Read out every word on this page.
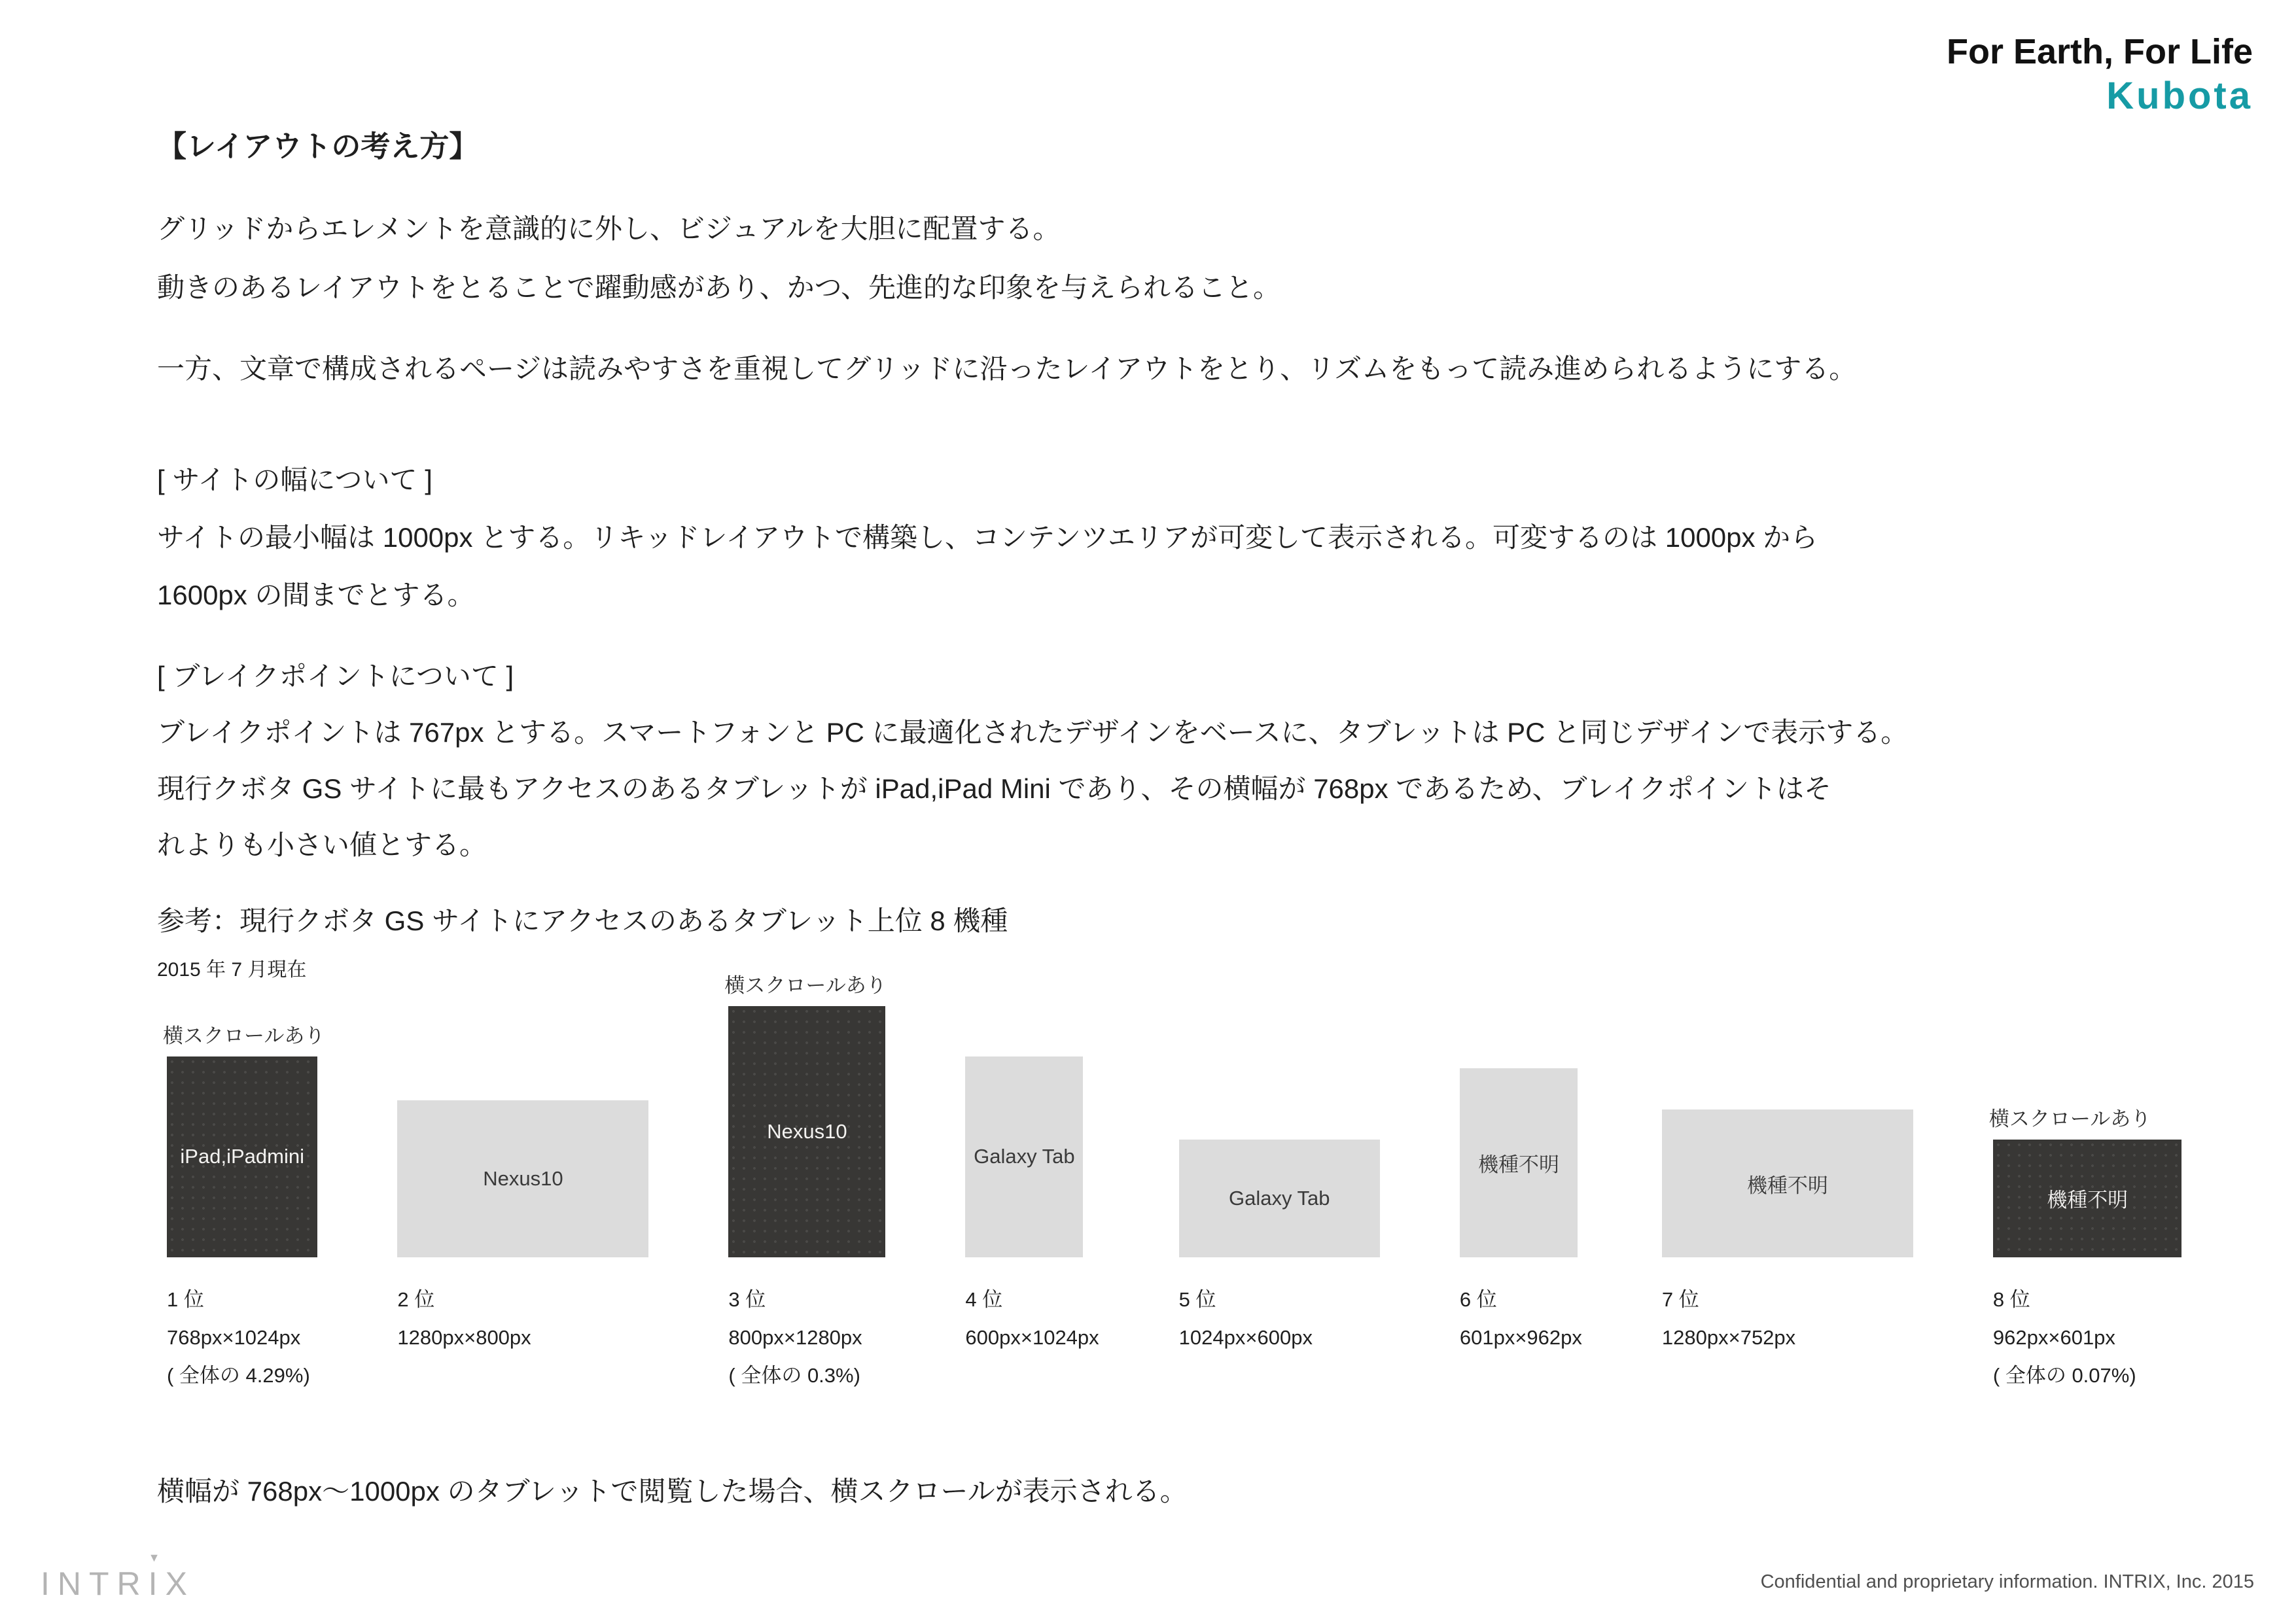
For Earth, For Life
Kubota
【レイアウトの考え方】

グリッドからエレメントを意識的に外し、ビジュアルを大胆に配置する。

動きのあるレイアウトをとることで躍動感があり、かつ、先進的な印象を与えられること。

一方、文章で構成されるページは読みやすさを重視してグリッドに沿ったレイアウトをとり、リズムをもって読み進められるようにする。

[ サイトの幅について ]

サイトの最小幅は 1000px とする。リキッドレイアウトで構築し、コンテンツエリアが可変して表示される。可変するのは 1000px から

1600px の間までとする。

[ ブレイクポイントについて ]

ブレイクポイントは 767px とする。スマートフォンと PC に最適化されたデザインをベースに、タブレットは PC と同じデザインで表示する。

現行クボタ GS サイトに最もアクセスのあるタブレットが iPad,iPad Mini であり、その横幅が 768px であるため、ブレイクポイントはそ

れよりも小さい値とする。

参考：現行クボタ GS サイトにアクセスのあるタブレット上位 8 機種

2015 年 7 月現在

横スクロールあり
iPad,iPadmini
1 位
768px×1024px
( 全体の 4.29%)
Nexus10
2 位
1280px×800px
横スクロールあり
Nexus10
3 位
800px×1280px
( 全体の 0.3%)
Galaxy Tab
4 位
600px×1024px
Galaxy Tab
5 位
1024px×600px
機種不明
6 位
601px×962px
機種不明
7 位
1280px×752px
横スクロールあり
機種不明
8 位
962px×601px
( 全体の 0.07%)

横幅が 768px〜1000px のタブレットで閲覧した場合、横スクロールが表示される。

INTR
▼
IX	Confidential and proprietary information. INTRIX, Inc. 2015
